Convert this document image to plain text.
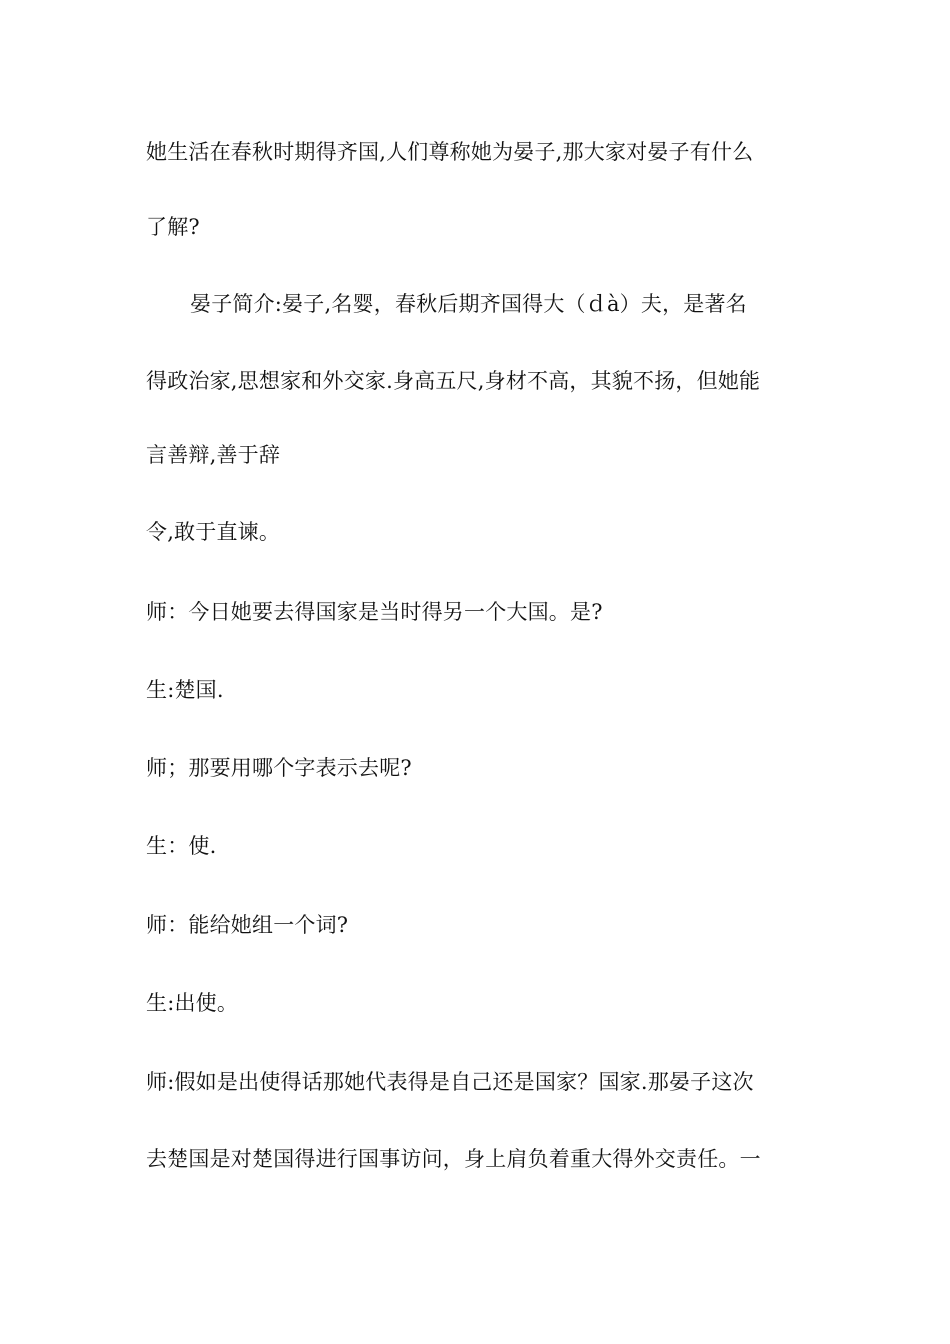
她生活在春秋时期得齐国,人们尊称她为晏子,那大家对晏子有什么
了解?
晏子简介:晏子,名婴，春秋后期齐国得大（ｄà）夫，是著名
得政治家,思想家和外交家.身高五尺,身材不高，其貌不扬，但她能
言善辩,善于辞
令,敢于直谏。
师：今日她要去得国家是当时得另一个大国。是?
生:楚国.
师；那要用哪个字表示去呢?
生：使.
师：能给她组一个词?
生:出使。
师:假如是出使得话那她代表得是自己还是国家？国家.那晏子这次
去楚国是对楚国得进行国事访问，身上肩负着重大得外交责任。一
